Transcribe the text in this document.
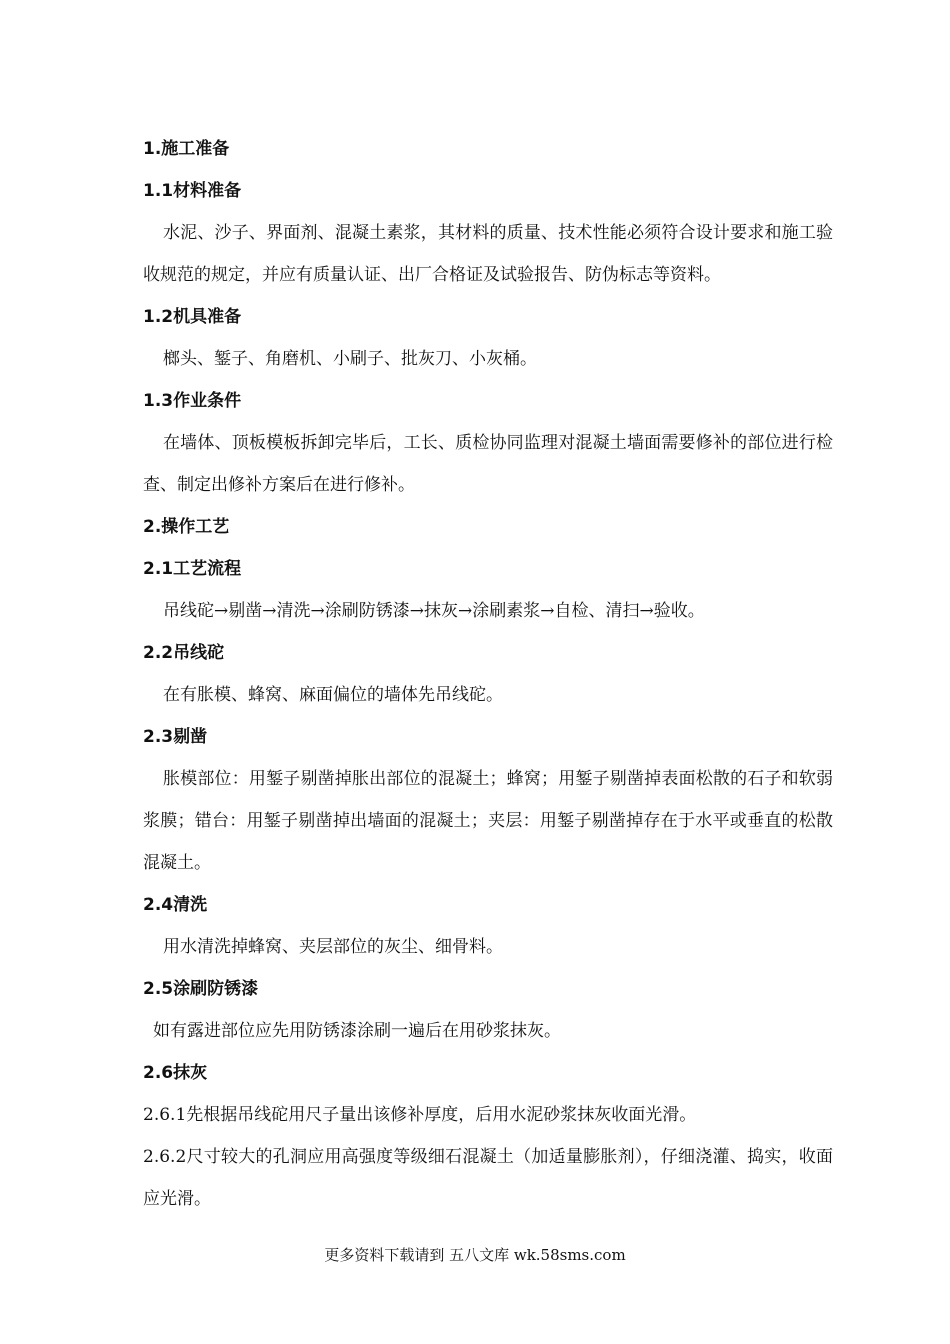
1.施工准备
1.1材料准备

水泥、沙子、界面剂、混凝土素浆，其材料的质量、技术性能必须符合设计要求和施工验收规范的规定，并应有质量认证、出厂合格证及试验报告、防伪标志等资料。

1.2机具准备

榔头、錾子、角磨机、小刷子、批灰刀、小灰桶。

1.3作业条件

在墙体、顶板模板拆卸完毕后，工长、质检协同监理对混凝土墙面需要修补的部位进行检查、制定出修补方案后在进行修补。

2.操作工艺
2.1工艺流程

吊线砣→剔凿→清洗→涂刷防锈漆→抹灰→涂刷素浆→自检、清扫→验收。

2.2吊线砣

在有胀模、蜂窝、麻面偏位的墙体先吊线砣。

2.3剔凿

胀模部位：用錾子剔凿掉胀出部位的混凝土；蜂窝；用錾子剔凿掉表面松散的石子和软弱浆膜；错台：用錾子剔凿掉出墙面的混凝土；夹层：用錾子剔凿掉存在于水平或垂直的松散混凝土。

2.4清洗

用水清洗掉蜂窝、夹层部位的灰尘、细骨料。

2.5涂刷防锈漆

如有露进部位应先用防锈漆涂刷一遍后在用砂浆抹灰。

2.6抹灰

2.6.1先根据吊线砣用尺子量出该修补厚度，后用水泥砂浆抹灰收面光滑。

2.6.2尺寸较大的孔洞应用高强度等级细石混凝土（加适量膨胀剂），仔细浇灌、捣实，收面应光滑。

更多资料下载请到 五八文库 wk.58sms.com
